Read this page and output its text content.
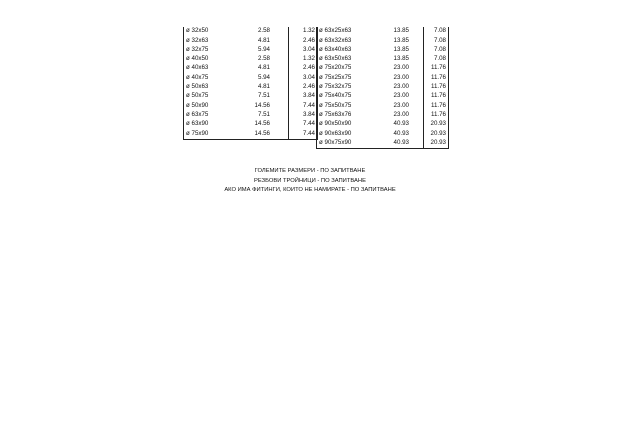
ø 32x50	2.58	1.32
ø 32x63	4.81	2.46
ø 32x75	5.94	3.04
ø 40x50	2.58	1.32
ø 40x63	4.81	2.46
ø 40x75	5.94	3.04
ø 50x63	4.81	2.46
ø 50x75	7.51	3.84
ø 50x90	14.56	7.44
ø 63x75	7.51	3.84
ø 63x90	14.56	7.44
ø 75x90	14.56	7.44
ø 63x25x63	13.85	7.08
ø 63x32x63	13.85	7.08
ø 63x40x63	13.85	7.08
ø 63x50x63	13.85	7.08
ø 75x20x75	23.00	11.76
ø 75x25x75	23.00	11.76
ø 75x32x75	23.00	11.76
ø 75x40x75	23.00	11.76
ø 75x50x75	23.00	11.76
ø 75x63x76	23.00	11.76
ø 90x50x90	40.93	20.93
ø 90x63x90	40.93	20.93
ø 90x75x90	40.93	20.93
ГОЛЕМИТЕ РАЗМЕРИ - ПО ЗАПИТВАНЕ
РЕЗБОВИ ТРОЙНИЦИ - ПО ЗАПИТВАНЕ
АКО ИМА ФИТИНГИ, КОИТО НЕ НАМИРАТЕ - ПО ЗАПИТВАНЕ
